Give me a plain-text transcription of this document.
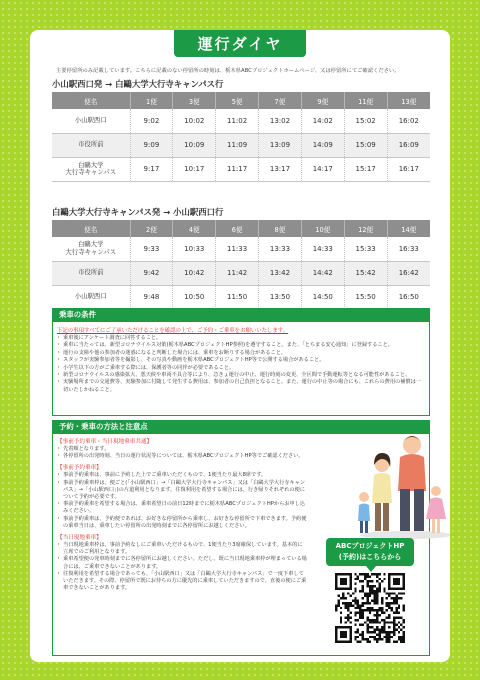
運行ダイヤ
主要停留所のみ記載しています。こちらに記載のない停留所の時刻は、栃木県ABCプロジェクトホームページ、又は停留所にてご確認ください。
小山駅西口発 → 白鷗大学大行寺キャンパス行
便名	1便	3便	5便	7便	9便	11便	13便
小山駅西口	9:02	10:02	11:02	13:02	14:02	15:02	16:02
市役所前	9:09	10:09	11:09	13:09	14:09	15:09	16:09
白鷗大学
大行寺キャンパス	9:17	10:17	11:17	13:17	14:17	15:17	16:17
白鷗大学大行寺キャンパス発 → 小山駅西口行
便名	2便	4便	6便	8便	10便	12便	14便
白鷗大学
大行寺キャンパス	9:33	10:33	11:33	13:33	14:33	15:33	16:33
市役所前	9:42	10:42	11:42	13:42	14:42	15:42	16:42
小山駅西口	9:48	10:50	11:50	13:50	14:50	15:50	16:50
乗車の条件
下記の事項すべてにご了承いただけることを確認の上で、ご予約・ご乗車をお願いいたします。
・ 乗車後にアンケート調査に回答すること。
・ 乗車に当たっては、新型コロナウイルス対策(栃木県ABCプロジェクトHP参照)を遵守すること。また、「とちまる安心通知」に登録すること。
・ 運行の支障や他の参加者の迷惑になると判断した場合には、乗車をお断りする場合があること。
・ スタッフが実験参加者等を撮影し、その写真や動画を栃木県ABCプロジェクトHP等で公開する場合があること。
・ 小学生以下の方がご乗車する際には、保護者等の同伴が必要であること。
・ 新型コロナウイルスの感染拡大、悪天候や車両不具合等により、急きょ運行の中止、運行時刻の変更、全区間で手動運転等となる可能性があること。
・ 実験場所までの交通費等、実験参加に付随して発生する費用は、参加者の自己負担となること。また、運行の中止等の場合にも、これらの費用の補償は一切いたしかねること。
予約・乗車の方法と注意点
【事前予約乗車・当日現地乗車共通】
・ 先着順となります。
・ 各停留所の出発時刻、当日の運行状況等については、栃木県ABCプロジェクトHP等でご確認ください。
【事前予約乗車】
・ 事前予約乗車は、事前に予約した上でご乗車いただくもので、1便当たり最大8席です。
・ 事前予約乗車枠は、便ごと(「小山駅西口」→「白鷗大学大行寺キャンパス」又は「白鷗大学大行寺キャンパス」→「小山駅西口」)の片道利用となります。往復利用を希望する場合には、行き帰りそれぞれの便について予約が必要です。
・ 事前予約乗車を希望する場合は、乗車希望日の前日12時までに栃木県ABCプロジェクトHPからお申し込みください。
・ 事前予約乗車は、予約便であれば、お好きな停留所から乗車し、お好きな停留所で下車できます。予約便の乗車当日は、乗車したい停留所の出発時刻までに各停留所にお越しください。
【当日現地乗車】
・ 当日現地乗車枠は、事前予約なしにご乗車いただけるもので、1便当たり3席確保しています。基本的に立席でのご利用となります。
・ 乗車希望便の発車時刻までに各停留所にお越しください。ただし、既に当日現地乗車枠が埋まっている場合には、ご乗車できないことがあります。
・ 往復利用を希望する場合であっても、「小山駅西口」又は「白鷗大学大行寺キャンパス」で一度下車していただきます。その際、停留所で既にお待ちの方に優先的に乗車していただきますので、直後の便にご乗車できないことがあります。
ABCプロジェクトHP
(予約)はこちらから
